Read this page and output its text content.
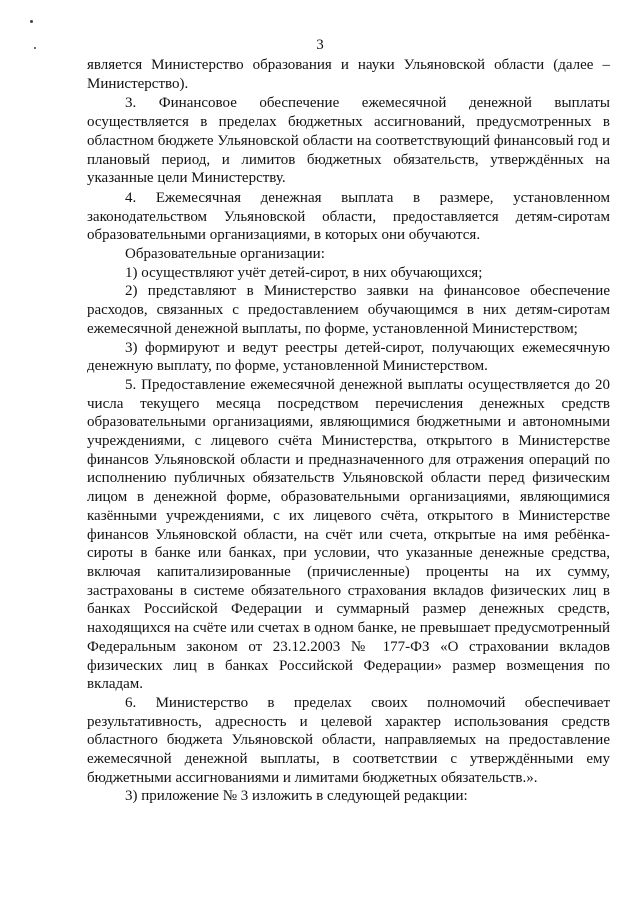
3

является Министерство образования и науки Ульяновской области (далее – Министерство).

3. Финансовое обеспечение ежемесячной денежной выплаты осуществляется в пределах бюджетных ассигнований, предусмотренных в областном бюджете Ульяновской области на соответствующий финансовый год и плановый период, и лимитов бюджетных обязательств, утверждённых на указанные цели Министерству.

4. Ежемесячная денежная выплата в размере, установленном законодательством Ульяновской области, предоставляется детям-сиротам образовательными организациями, в которых они обучаются.

Образовательные организации:

1) осуществляют учёт детей-сирот, в них обучающихся;

2) представляют в Министерство заявки на финансовое обеспечение расходов, связанных с предоставлением обучающимся в них детям-сиротам ежемесячной денежной выплаты, по форме, установленной Министерством;

3) формируют и ведут реестры детей-сирот, получающих ежемесячную денежную выплату, по форме, установленной Министерством.

5. Предоставление ежемесячной денежной выплаты осуществляется до 20 числа текущего месяца посредством перечисления денежных средств образовательными организациями, являющимися бюджетными и автономными учреждениями, с лицевого счёта Министерства, открытого в Министерстве финансов Ульяновской области и предназначенного для отражения операций по исполнению публичных обязательств Ульяновской области перед физическим лицом в денежной форме, образовательными организациями, являющимися казёнными учреждениями, с их лицевого счёта, открытого в Министерстве финансов Ульяновской области, на счёт или счета, открытые на имя ребёнка-сироты в банке или банках, при условии, что указанные денежные средства, включая капитализированные (причисленные) проценты на их сумму, застрахованы в системе обязательного страхования вкладов физических лиц в банках Российской Федерации и суммарный размер денежных средств, находящихся на счёте или счетах в одном банке, не превышает предусмотренный Федеральным законом от 23.12.2003 № 177-ФЗ «О страховании вкладов физических лиц в банках Российской Федерации» размер возмещения по вкладам.

6. Министерство в пределах своих полномочий обеспечивает результативность, адресность и целевой характер использования средств областного бюджета Ульяновской области, направляемых на предоставление ежемесячной денежной выплаты, в соответствии с утверждёнными ему бюджетными ассигнованиями и лимитами бюджетных обязательств.».

3) приложение № 3 изложить в следующей редакции:
